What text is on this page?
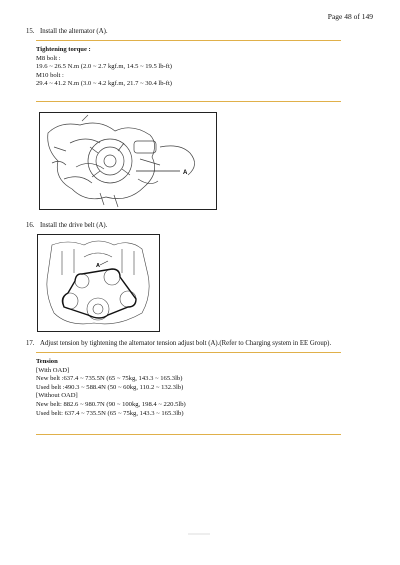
Page 48 of 149
15. Install the alternator (A).
Tightening torque :
M8 bolt :
19.6 ~ 26.5 N.m (2.0 ~ 2.7 kgf.m, 14.5 ~ 19.5 lb-ft)
M10 bolt :
29.4 ~ 41.2 N.m (3.0 ~ 4.2 kgf.m, 21.7 ~ 30.4 lb-ft)
A
16. Install the drive belt (A).
A
17. Adjust tension by tightening the alternator tension adjust bolt (A).(Refer to Charging system in EE Group).
Tension
[With OAD]
New belt :637.4 ~ 735.5N (65 ~ 75kg, 143.3 ~ 165.3lb)
Used belt :490.3 ~ 588.4N (50 ~ 60kg, 110.2 ~ 132.3lb)
[Without OAD]
New belt: 882.6 ~ 980.7N (90 ~ 100kg, 198.4 ~ 220.5lb)
Used belt: 637.4 ~ 735.5N (65 ~ 75kg, 143.3 ~ 165.3lb)
